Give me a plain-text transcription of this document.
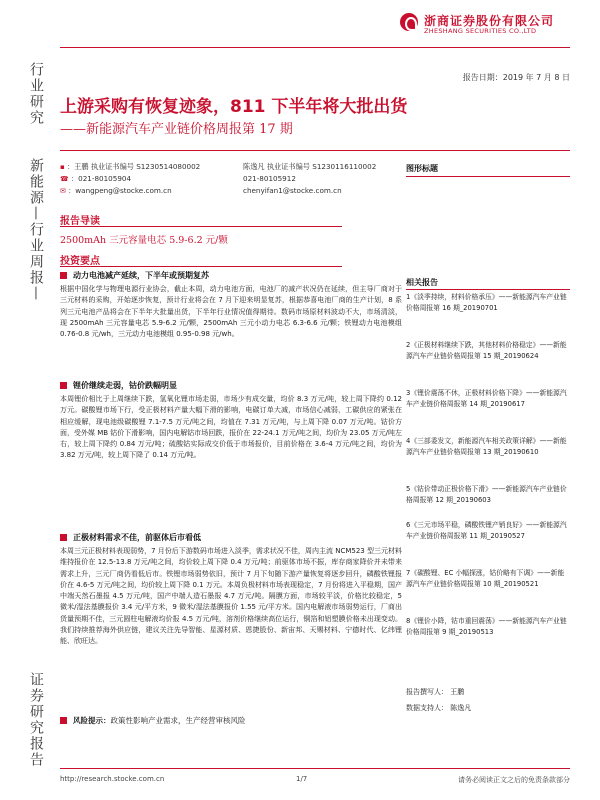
浙商证券股份有限公司
ZHESHANG SECURITIES CO.,LTD
行业研究
新能源—行业周报—
证券研究报告
报告日期：2019 年 7 月 8 日
上游采购有恢复迹象，811 下半年将大批出货
——新能源汽车产业链价格周报第 17 期
▪ ：王鹏 执业证书编号 S1230514080002
☎ ：021-80105904
✉ ：wangpeng@stocke.com.cn
陈逸凡 执业证书编号 S1230116110002
021-80105912
chenyifan1@stocke.com.cn
图形标题
报告导读
2500mAh 三元容量电芯 5.9-6.2 元/颗
投资要点
动力电池减产延续，下半年或预期复苏
根据中国化学与物理电源行业协会，截止本周，动力电池方面，电池厂的减产状况仍在延续，但主导厂商对于三元材料的采购，开始逐步恢复，预计行业将会在 7 月下迎来明显复苏，根据恭喜电池厂商的生产计划，8 系列三元电池产品将会在下半年大批量出货，下半年行业情况值得期待。数码市场原材料波动不大，市场清淡，现 2500mAh 三元容量电芯 5.9-6.2 元/颗，2500mAh 三元小动力电芯 6.3-6.6 元/颗；铁锂动力电池模组 0.76-0.8 元/wh，三元动力电池模组 0.95-0.98 元/wh。
锂价继续走弱，钴价跌幅明显
本周锂价相比于上周继续下跌，氢氧化锂市场走弱，市场少有成交量，均价 8.3 万元/吨，较上周下降约 0.12 万元。碳酸锂市场下行，受正极材料产量大幅下滑的影响，电碳订单大减，市场信心减弱，工碳供应的紧张在相应缓解，现电池级碳酸锂 7.1-7.5 万元/吨之间，均值在 7.31 万元/吨，与上周下降 0.07 万元/吨。钴价方面，受外媒 MB 钴价下滑影响，国内电解钴市场回跌，报价在 22-24.1 万元/吨之间，均价为 23.05 万元/吨左右，较上周下降约 0.84 万元/吨；硫酸钴实际成交价低于市场报价，目前价格在 3.6-4 万元/吨之间，均价为 3.82 万元/吨，较上周下降了 0.14 万元/吨。
正极材料需求不佳，前驱体后市看低
本周三元正极材料表现弱势，7 月份后下游数码市场进入淡季，需求状况不佳，周内主流 NCM523 型三元材料维持报价在 12.5-13.8 万元/吨之间，均价较上周下降 0.4 万元/吨；前驱体市场不振，库存商家降价并未带来需求上升，三元厂商仍看低后市。铁锂市场弱势依旧，预计 7 月下旬随下游产量恢复将逐步回升，磷酸铁锂报价在 4.6-5 万元/吨之间，均价较上周下降 0.1 万元。本周负极材料市场表现稳定，7 月份将进入平稳期，国产中端天然石墨报 4.5 万元/吨，国产中端人造石墨报 4.7 万元/吨。隔膜方面，市场较平淡，价格比较稳定，5 微米/湿法基膜报价 3.4 元/平方米，9 微米/湿法基膜报价 1.55 元/平方米。国内电解液市场弱势运行，厂商出货量预期不佳，三元圆柱电解液均价报 4.5 万元/吨，溶剂价格继续高位运行，铜箔和铝塑膜价格未出现变动。我们持续推荐海外供应链，建议关注先导智能、星源材质、恩捷股份、新宙邦、天赐材料、宁德时代、亿纬锂能、欣旺达。
风险提示：政策性影响产业需求，生产经营审核风险
相关报告
1《淡季持续，材料价格承压》——新能源汽车产业链价格周报第 16 期_20190701
2《正极材料继续下跌，其他材料价格稳定》——新能源汽车产业链价格周报第 15 期_20190624
3《锂价震荡不休，正极材料价格下降》——新能源汽车产业链价格周报第 14 期_20190617
4《三部委发文，新能源汽车相关政策详解》——新能源汽车产业链价格周报第 13 期_20190610
5《钴价带动正极价格下滑》——新能源汽车产业链价格周报第 12 期_20190603
6《三元市场平稳，磷酸铁锂产销良好》——新能源汽车产业链价格周报第 11 期_20190527
7《碳酸锂、EC 小幅探涨，钴价略有下调》——新能源汽车产业链价格周报第 10 期_20190521
8《锂价小降，钴市重回震荡》——新能源汽车产业链价格周报第 9 期_20190513
报告撰写人： 王鹏
数据支持人： 陈逸凡
http://research.stocke.com.cn	1/7	请务必阅读正文之后的免责条款部分
